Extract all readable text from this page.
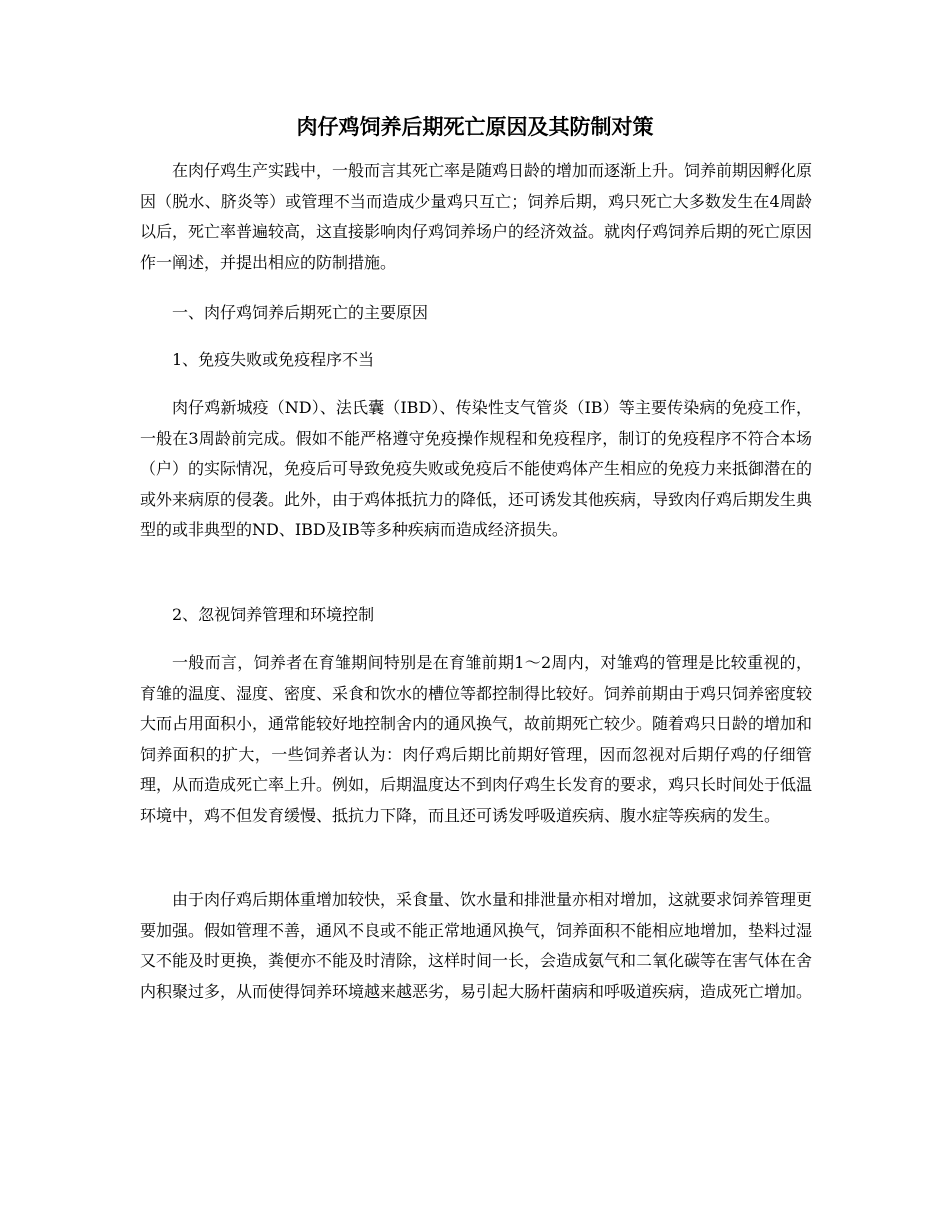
肉仔鸡饲养后期死亡原因及其防制对策

在肉仔鸡生产实践中，一般而言其死亡率是随鸡日龄的增加而逐渐上升。饲养前期因孵化原因（脱水、脐炎等）或管理不当而造成少量鸡只互亡；饲养后期，鸡只死亡大多数发生在4周龄以后，死亡率普遍较高，这直接影响肉仔鸡饲养场户的经济效益。就肉仔鸡饲养后期的死亡原因作一阐述，并提出相应的防制措施。

一、肉仔鸡饲养后期死亡的主要原因

1、免疫失败或免疫程序不当

肉仔鸡新城疫（ND）、法氏囊（IBD）、传染性支气管炎（IB）等主要传染病的免疫工作，一般在3周龄前完成。假如不能严格遵守免疫操作规程和免疫程序，制订的免疫程序不符合本场（户）的实际情况，免疫后可导致免疫失败或免疫后不能使鸡体产生相应的免疫力来抵御潜在的或外来病原的侵袭。此外，由于鸡体抵抗力的降低，还可诱发其他疾病，导致肉仔鸡后期发生典型的或非典型的ND、IBD及IB等多种疾病而造成经济损失。

2、忽视饲养管理和环境控制

一般而言，饲养者在育雏期间特别是在育雏前期1～2周内，对雏鸡的管理是比较重视的，育雏的温度、湿度、密度、采食和饮水的槽位等都控制得比较好。饲养前期由于鸡只饲养密度较大而占用面积小，通常能较好地控制舍内的通风换气，故前期死亡较少。随着鸡只日龄的增加和饲养面积的扩大，一些饲养者认为：肉仔鸡后期比前期好管理，因而忽视对后期仔鸡的仔细管理，从而造成死亡率上升。例如，后期温度达不到肉仔鸡生长发育的要求，鸡只长时间处于低温环境中，鸡不但发育缓慢、抵抗力下降，而且还可诱发呼吸道疾病、腹水症等疾病的发生。

由于肉仔鸡后期体重增加较快，采食量、饮水量和排泄量亦相对增加，这就要求饲养管理更要加强。假如管理不善，通风不良或不能正常地通风换气，饲养面积不能相应地增加，垫料过湿又不能及时更换，粪便亦不能及时清除，这样时间一长，会造成氨气和二氧化碳等在害气体在舍内积聚过多，从而使得饲养环境越来越恶劣，易引起大肠杆菌病和呼吸道疾病，造成死亡增加。
